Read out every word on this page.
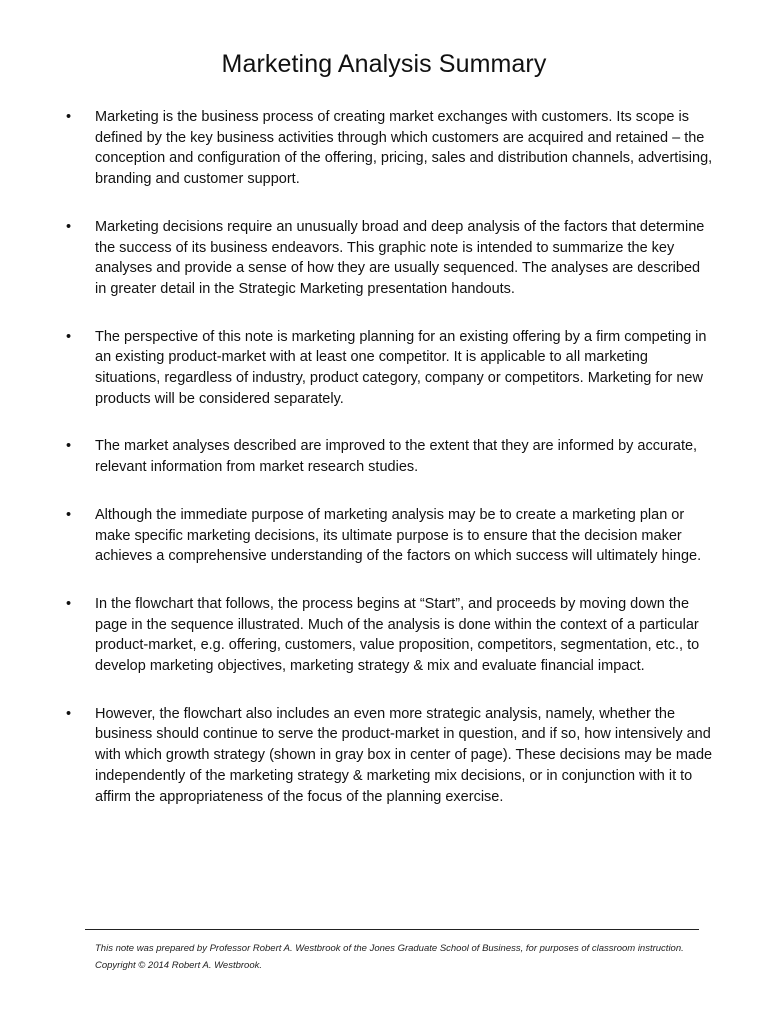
Marketing Analysis Summary
• Marketing is the business process of creating market exchanges with customers. Its scope is defined by the key business activities through which customers are acquired and retained – the conception and configuration of the offering, pricing, sales and distribution channels, advertising, branding and customer support.
• Marketing decisions require an unusually broad and deep analysis of the factors that determine the success of its business endeavors. This graphic note is intended to summarize the key analyses and provide a sense of how they are usually sequenced. The analyses are described in greater detail in the Strategic Marketing presentation handouts.
• The perspective of this note is marketing planning for an existing offering by a firm competing in an existing product-market with at least one competitor. It is applicable to all marketing situations, regardless of industry, product category, company or competitors. Marketing for new products will be considered separately.
• The market analyses described are improved to the extent that they are informed by accurate, relevant information from market research studies.
• Although the immediate purpose of marketing analysis may be to create a marketing plan or make specific marketing decisions, its ultimate purpose is to ensure that the decision maker achieves a comprehensive understanding of the factors on which success will ultimately hinge.
• In the flowchart that follows, the process begins at “Start”, and proceeds by moving down the page in the sequence illustrated. Much of the analysis is done within the context of a particular product-market, e.g. offering, customers, value proposition, competitors, segmentation, etc., to develop marketing objectives, marketing strategy & mix and evaluate financial impact.
• However, the flowchart also includes an even more strategic analysis, namely, whether the business should continue to serve the product-market in question, and if so, how intensively and with which growth strategy (shown in gray box in center of page). These decisions may be made independently of the marketing strategy & marketing mix decisions, or in conjunction with it to affirm the appropriateness of the focus of the planning exercise.
This note was prepared by Professor Robert A. Westbrook of the Jones Graduate School of Business, for purposes of classroom instruction. Copyright © 2014 Robert A. Westbrook.
